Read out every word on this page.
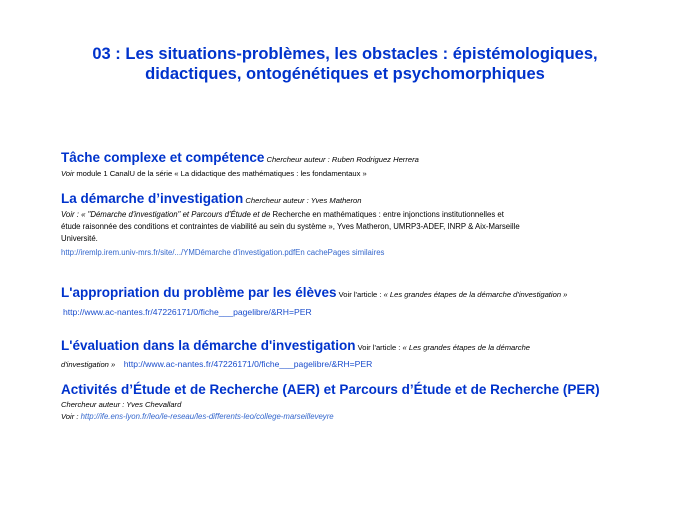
03 : Les situations-problèmes, les obstacles : épistémologiques,
didactiques, ontogénétiques et psychomorphiques
Tâche complexe et compétence Chercheur auteur : Ruben Rodriguez Herrera
Voir module 1 CanalU de la série « La didactique des mathématiques : les fondamentaux »
La démarche d’investigation Chercheur auteur : Yves Matheron
Voir : « "Démarche d'investigation" et Parcours d'Étude et de Recherche en mathématiques : entre injonctions institutionnelles et
étude raisonnée des conditions et contraintes de viabilité au sein du système », Yves Matheron, UMRP3-ADEF, INRP & Aix-Marseille
Université.
http://iremlp.irem.univ-mrs.fr/site/.../YMDémarche d'investigation.pdfEn cachePages similaires
L'appropriation du problème par les élèves Voir l'article : « Les grandes étapes de la démarche d'investigation »
http://www.ac-nantes.fr/47226171/0/fiche___pagelibre/&RH=PER
L'évaluation dans la démarche d'investigation Voir l'article : « Les grandes étapes de la démarche
d'investigation » http://www.ac-nantes.fr/47226171/0/fiche___pagelibre/&RH=PER
Activités d’Étude et de Recherche (AER) et Parcours d’Étude et de Recherche (PER)
Chercheur auteur : Yves Chevallard
Voir : http://ife.ens-lyon.fr/leo/le-reseau/les-differents-leo/college-marseilleveyre
